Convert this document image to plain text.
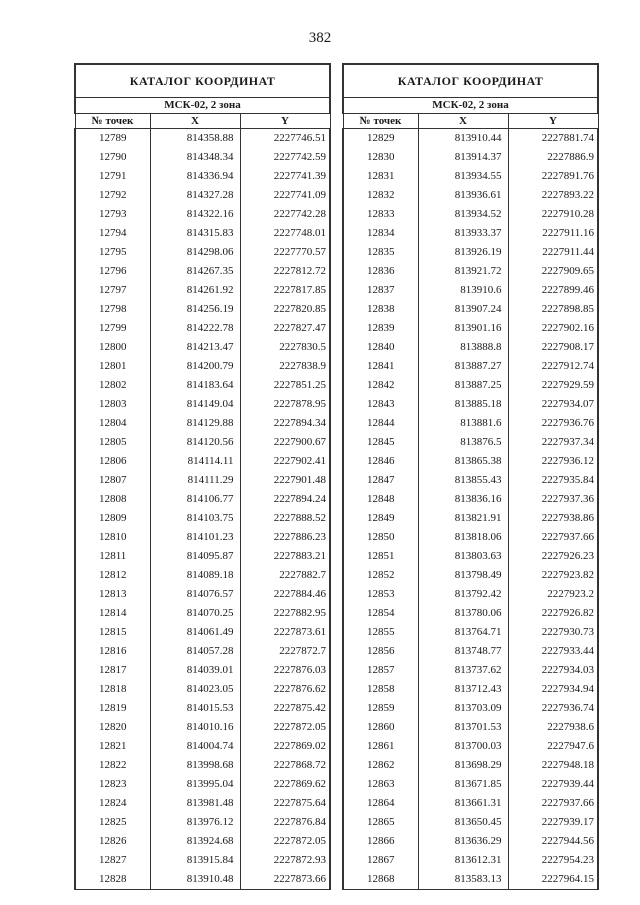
382
КАТАЛОГ КООРДИНАТ		
МСК-02, 2 зона		
№ точек	X	Y
12789	814358.88	2227746.51
12790	814348.34	2227742.59
12791	814336.94	2227741.39
12792	814327.28	2227741.09
12793	814322.16	2227742.28
12794	814315.83	2227748.01
12795	814298.06	2227770.57
12796	814267.35	2227812.72
12797	814261.92	2227817.85
12798	814256.19	2227820.85
12799	814222.78	2227827.47
12800	814213.47	2227830.5
12801	814200.79	2227838.9
12802	814183.64	2227851.25
12803	814149.04	2227878.95
12804	814129.88	2227894.34
12805	814120.56	2227900.67
12806	814114.11	2227902.41
12807	814111.29	2227901.48
12808	814106.77	2227894.24
12809	814103.75	2227888.52
12810	814101.23	2227886.23
12811	814095.87	2227883.21
12812	814089.18	2227882.7
12813	814076.57	2227884.46
12814	814070.25	2227882.95
12815	814061.49	2227873.61
12816	814057.28	2227872.7
12817	814039.01	2227876.03
12818	814023.05	2227876.62
12819	814015.53	2227875.42
12820	814010.16	2227872.05
12821	814004.74	2227869.02
12822	813998.68	2227868.72
12823	813995.04	2227869.62
12824	813981.48	2227875.64
12825	813976.12	2227876.84
12826	813924.68	2227872.05
12827	813915.84	2227872.93
12828	813910.48	2227873.66
КАТАЛОГ КООРДИНАТ		
МСК-02, 2 зона		
№ точек	X	Y
12829	813910.44	2227881.74
12830	813914.37	2227886.9
12831	813934.55	2227891.76
12832	813936.61	2227893.22
12833	813934.52	2227910.28
12834	813933.37	2227911.16
12835	813926.19	2227911.44
12836	813921.72	2227909.65
12837	813910.6	2227899.46
12838	813907.24	2227898.85
12839	813901.16	2227902.16
12840	813888.8	2227908.17
12841	813887.27	2227912.74
12842	813887.25	2227929.59
12843	813885.18	2227934.07
12844	813881.6	2227936.76
12845	813876.5	2227937.34
12846	813865.38	2227936.12
12847	813855.43	2227935.84
12848	813836.16	2227937.36
12849	813821.91	2227938.86
12850	813818.06	2227937.66
12851	813803.63	2227926.23
12852	813798.49	2227923.82
12853	813792.42	2227923.2
12854	813780.06	2227926.82
12855	813764.71	2227930.73
12856	813748.77	2227933.44
12857	813737.62	2227934.03
12858	813712.43	2227934.94
12859	813703.09	2227936.74
12860	813701.53	2227938.6
12861	813700.03	2227947.6
12862	813698.29	2227948.18
12863	813671.85	2227939.44
12864	813661.31	2227937.66
12865	813650.45	2227939.17
12866	813636.29	2227944.56
12867	813612.31	2227954.23
12868	813583.13	2227964.15
